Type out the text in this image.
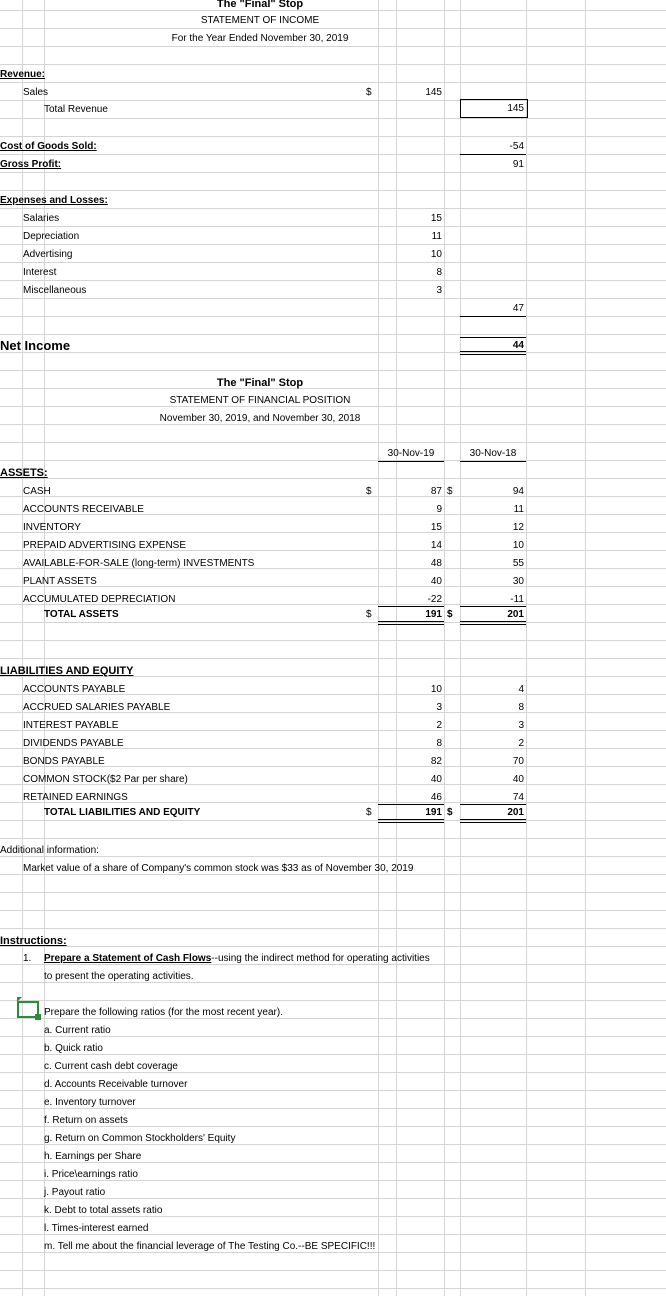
The "Final" Stop
STATEMENT OF INCOME
For the Year Ended November 30, 2019
Revenue:
Sales	$	145
Total Revenue	145
Cost of Goods Sold:	-54
Gross Profit:	91
Expenses and Losses:
Salaries	15
Depreciation	11
Advertising	10
Interest	8
Miscellaneous	3
47
Net Income	44
The "Final" Stop
STATEMENT OF FINANCIAL POSITION
November 30, 2019, and November 30, 2018
30-Nov-19	30-Nov-18
ASSETS:
$	$
CASH	87	94
ACCOUNTS RECEIVABLE	9	11
INVENTORY	15	12
PREPAID ADVERTISING EXPENSE	14	10
AVAILABLE-FOR-SALE (long-term) INVESTMENTS	48	55
PLANT ASSETS	40	30
ACCUMULATED DEPRECIATION	-22	-11
TOTAL ASSETS	$	191 $	201
LIABILITIES AND EQUITY
ACCOUNTS PAYABLE	10	4
ACCRUED SALARIES PAYABLE	3	8
INTEREST PAYABLE	2	3
DIVIDENDS PAYABLE	8	2
BONDS PAYABLE	82	70
COMMON STOCK($2 Par per share)	40	40
RETAINED EARNINGS	46	74
TOTAL LIABILITIES AND EQUITY	$	191 $	201
Additional information:
Market value of a share of Company's common stock was $33 as of November 30, 2019
Instructions:
1. Prepare a Statement of Cash Flows--using the indirect method for operating activities
to present the operating activities.
Prepare the following ratios (for the most recent year).
a. Current ratio
b. Quick ratio
c. Current cash debt coverage
d. Accounts Receivable turnover
e. Inventory turnover
f. Return on assets
g. Return on Common Stockholders' Equity
h. Earnings per Share
i. Price\earnings ratio
j. Payout ratio
k. Debt to total assets ratio
l. Times-interest earned
m. Tell me about the financial leverage of The Testing Co.--BE SPECIFIC!!!
